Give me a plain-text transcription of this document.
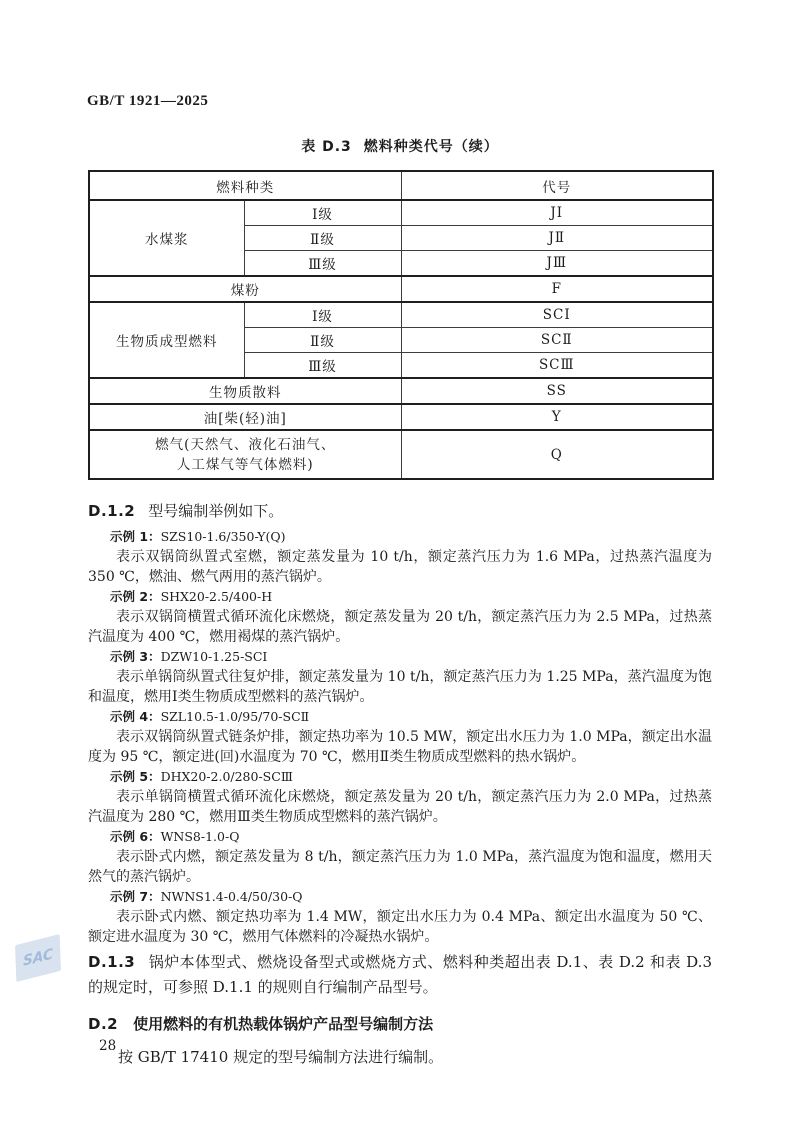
SAC
GB/T 1921—2025

表 D.3 燃料种类代号（续）

燃料种类		代号
水煤浆	Ⅰ级	JⅠ
	Ⅱ级	JⅡ
	Ⅲ级	JⅢ
煤粉		F
生物质成型燃料	Ⅰ级	SCⅠ
	Ⅱ级	SCⅡ
	Ⅲ级	SCⅢ
生物质散料		SS
油[柴(轻)油]		Y

燃气(天然气、液化石油气、
人工煤气等气体燃料)		Q

D.1.2 型号编制举例如下。

示例 1：SZS10-1.6/350-Y(Q)

表示双锅筒纵置式室燃，额定蒸发量为 10 t/h，额定蒸汽压力为 1.6 MPa，过热蒸汽温度为 350 ℃，燃油、燃气两用的蒸汽锅炉。

示例 2：SHX20-2.5/400-H

表示双锅筒横置式循环流化床燃烧，额定蒸发量为 20 t/h，额定蒸汽压力为 2.5 MPa，过热蒸汽温度为 400 ℃，燃用褐煤的蒸汽锅炉。

示例 3：DZW10-1.25-SCⅠ

表示单锅筒纵置式往复炉排，额定蒸发量为 10 t/h，额定蒸汽压力为 1.25 MPa，蒸汽温度为饱和温度，燃用Ⅰ类生物质成型燃料的蒸汽锅炉。

示例 4：SZL10.5-1.0/95/70-SCⅡ

表示双锅筒纵置式链条炉排，额定热功率为 10.5 MW，额定出水压力为 1.0 MPa，额定出水温度为 95 ℃，额定进(回)水温度为 70 ℃，燃用Ⅱ类生物质成型燃料的热水锅炉。

示例 5：DHX20-2.0/280-SCⅢ

表示单锅筒横置式循环流化床燃烧，额定蒸发量为 20 t/h，额定蒸汽压力为 2.0 MPa，过热蒸汽温度为 280 ℃，燃用Ⅲ类生物质成型燃料的蒸汽锅炉。

示例 6：WNS8-1.0-Q

表示卧式内燃，额定蒸发量为 8 t/h，额定蒸汽压力为 1.0 MPa，蒸汽温度为饱和温度，燃用天然气的蒸汽锅炉。

示例 7：NWNS1.4-0.4/50/30-Q

表示卧式内燃、额定热功率为 1.4 MW，额定出水压力为 0.4 MPa、额定出水温度为 50 ℃、额定进水温度为 30 ℃，燃用气体燃料的冷凝热水锅炉。

D.1.3 锅炉本体型式、燃烧设备型式或燃烧方式、燃料种类超出表 D.1、表 D.2 和表 D.3 的规定时，可参照 D.1.1 的规则自行编制产品型号。

D.2 使用燃料的有机热载体锅炉产品型号编制方法

按 GB/T 17410 规定的型号编制方法进行编制。

28
